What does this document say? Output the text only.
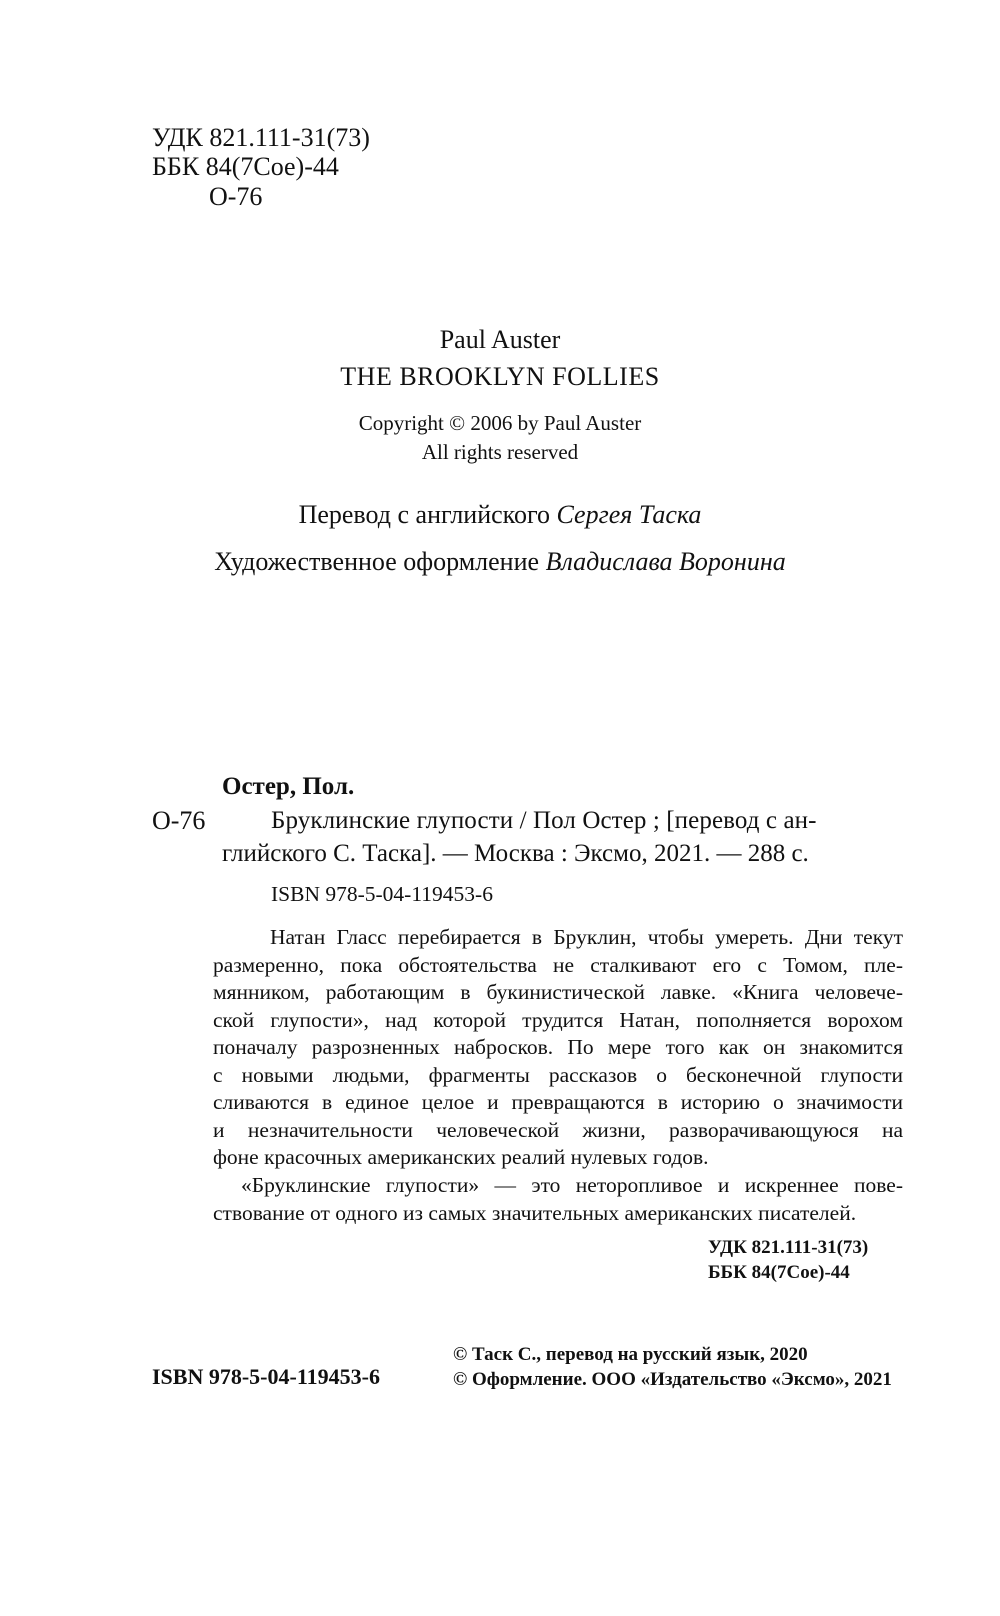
УДК 821.111-31(73)
ББК 84(7Сое)-44
О-76
Paul Auster
THE BROOKLYN FOLLIES
Copyright © 2006 by Paul Auster
All rights reserved
Перевод с английского Сергея Таска
Художественное оформление Владислава Воронина
Остер, Пол.
О-76	Бруклинские глупости / Пол Остер ; [перевод с ан-
глийского С. Таска]. — Москва : Эксмо, 2021. — 288 с.
ISBN 978-5-04-119453-6
Натан Гласс перебирается в Бруклин, чтобы умереть. Дни текут
размеренно, пока обстоятельства не сталкивают его с Томом, пле-
мянником, работающим в букинистической лавке. «Книга человече-
ской глупости», над которой трудится Натан, пополняется ворохом
поначалу разрозненных набросков. По мере того как он знакомится
с новыми людьми, фрагменты рассказов о бесконечной глупости
сливаются в единое целое и превращаются в историю о значимости
и незначительности человеческой жизни, разворачивающуюся на
фоне красочных американских реалий нулевых годов.
«Бруклинские глупости» — это неторопливое и искреннее пове-
ствование от одного из самых значительных американских писателей.
УДК 821.111-31(73)
ББК 84(7Сое)-44
ISBN 978-5-04-119453-6
© Таск С., перевод на русский язык, 2020
© Оформление. ООО «Издательство «Эксмо», 2021
